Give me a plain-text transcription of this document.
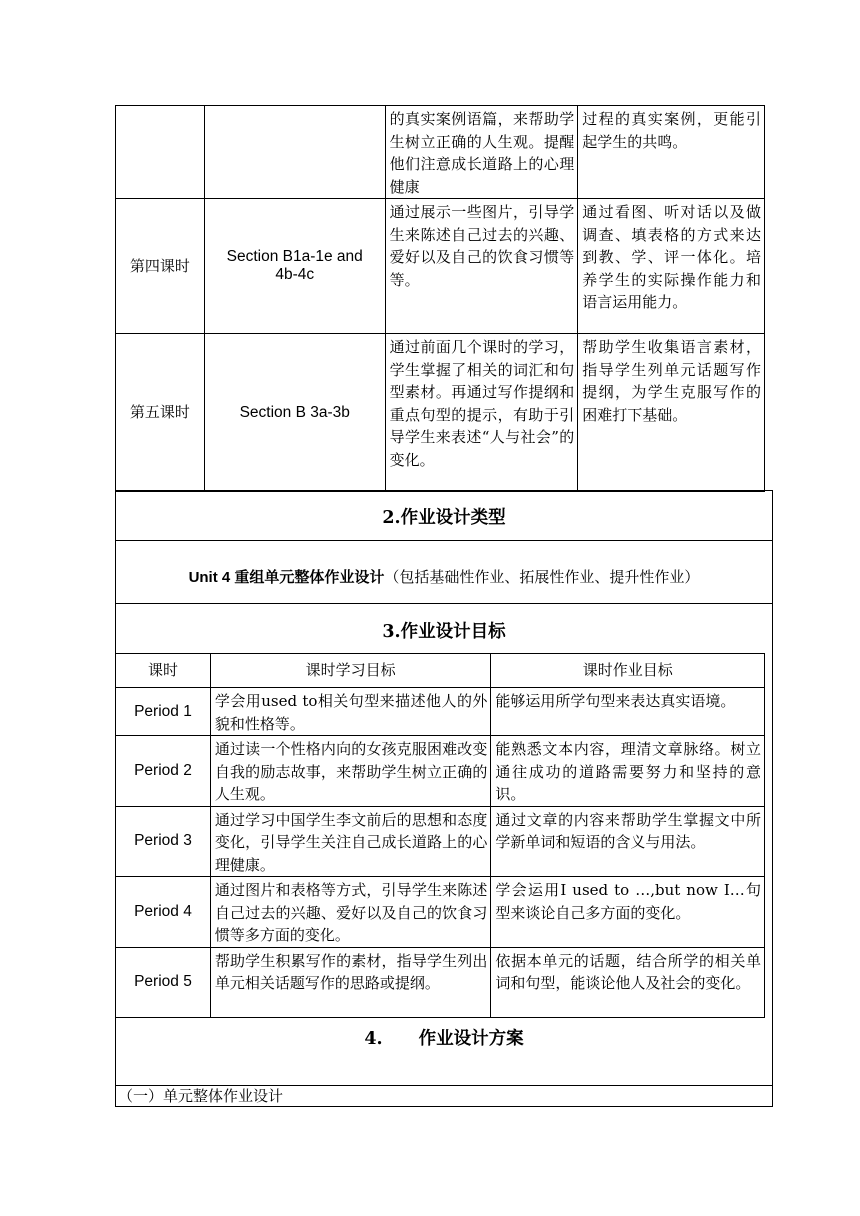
		的真实案例语篇，来帮助学生树立正确的人生观。提醒他们注意成长道路上的心理健康	过程的真实案例，更能引起学生的共鸣。

第四课时	Section B1a-1e and 4b-4c	通过展示一些图片，引导学生来陈述自己过去的兴趣、爱好以及自己的饮食习惯等等。	通过看图、听对话以及做调查、填表格的方式来达到教、学、评一体化。培养学生的实际操作能力和语言运用能力。

第五课时	Section B 3a-3b	通过前面几个课时的学习，学生掌握了相关的词汇和句型素材。再通过写作提纲和重点句型的提示，有助于引导学生来表述“人与社会”的变化。	帮助学生收集语言素材，指导学生列单元话题写作提纲，为学生克服写作的困难打下基础。
2.作业设计类型
Unit 4 重组单元整体作业设计（包括基础性作业、拓展性作业、提升性作业）
3.作业设计目标
课时	课时学习目标	课时作业目标
Period 1	学会用used to相关句型来描述他人的外貌和性格等。	能够运用所学句型来表达真实语境。

Period 2	通过读一个性格内向的女孩克服困难改变自我的励志故事，来帮助学生树立正确的人生观。	能熟悉文本内容，理清文章脉络。树立通往成功的道路需要努力和坚持的意识。

Period 3	通过学习中国学生李文前后的思想和态度变化，引导学生关注自己成长道路上的心理健康。	通过文章的内容来帮助学生掌握文中所学新单词和短语的含义与用法。

Period 4	通过图片和表格等方式，引导学生来陈述自己过去的兴趣、爱好以及自己的饮食习惯等多方面的变化。	学会运用I used to …,but now I…句型来谈论自己多方面的变化。

Period 5	帮助学生积累写作的素材，指导学生列出单元相关话题写作的思路或提纲。	依据本单元的话题，结合所学的相关单词和句型，能谈论他人及社会的变化。
4. 作业设计方案
（一）单元整体作业设计
